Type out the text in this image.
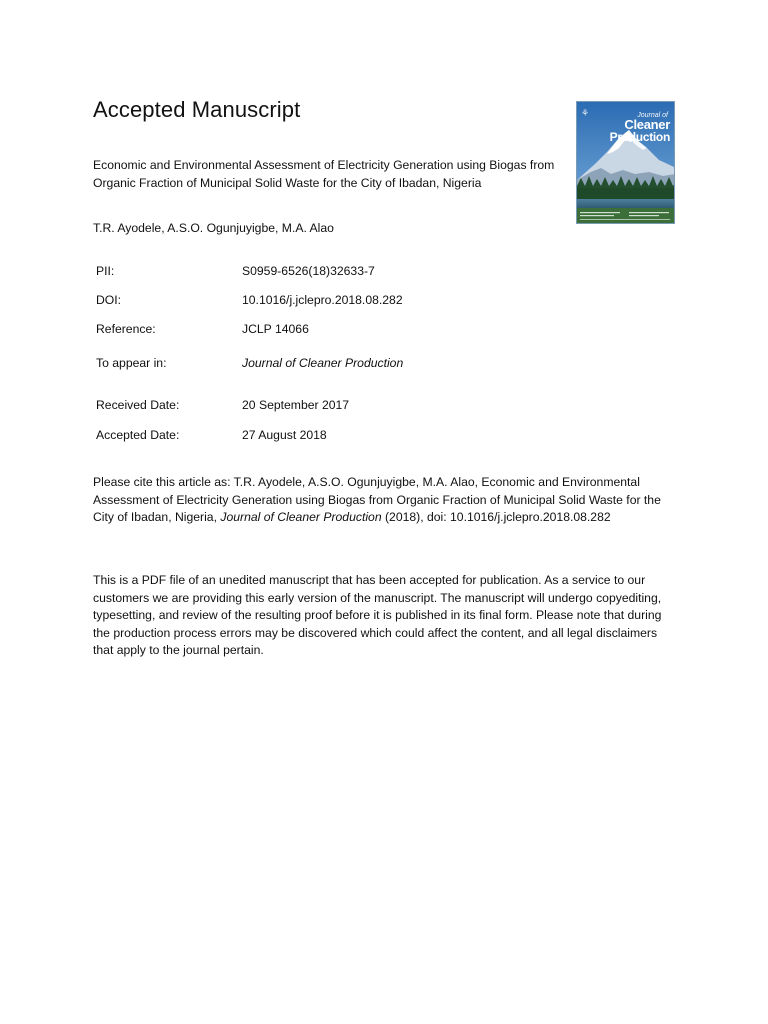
Accepted Manuscript	⚘	Journal of
Cleaner
Production
Economic and Environmental Assessment of Electricity Generation using Biogas from Organic Fraction of Municipal Solid Waste for the City of Ibadan, Nigeria
T.R. Ayodele, A.S.O. Ogunjuyigbe, M.A. Alao
PII:	S0959-6526(18)32633-7
DOI:	10.1016/j.jclepro.2018.08.282
Reference:	JCLP 14066
To appear in:	Journal of Cleaner Production
Received Date:	20 September 2017
Accepted Date:	27 August 2018
Please cite this article as: T.R. Ayodele, A.S.O. Ogunjuyigbe, M.A. Alao, Economic and Environmental Assessment of Electricity Generation using Biogas from Organic Fraction of Municipal Solid Waste for the City of Ibadan, Nigeria, Journal of Cleaner Production (2018), doi: 10.1016/j.jclepro.2018.08.282
This is a PDF file of an unedited manuscript that has been accepted for publication. As a service to our customers we are providing this early version of the manuscript. The manuscript will undergo copyediting, typesetting, and review of the resulting proof before it is published in its final form. Please note that during the production process errors may be discovered which could affect the content, and all legal disclaimers that apply to the journal pertain.
